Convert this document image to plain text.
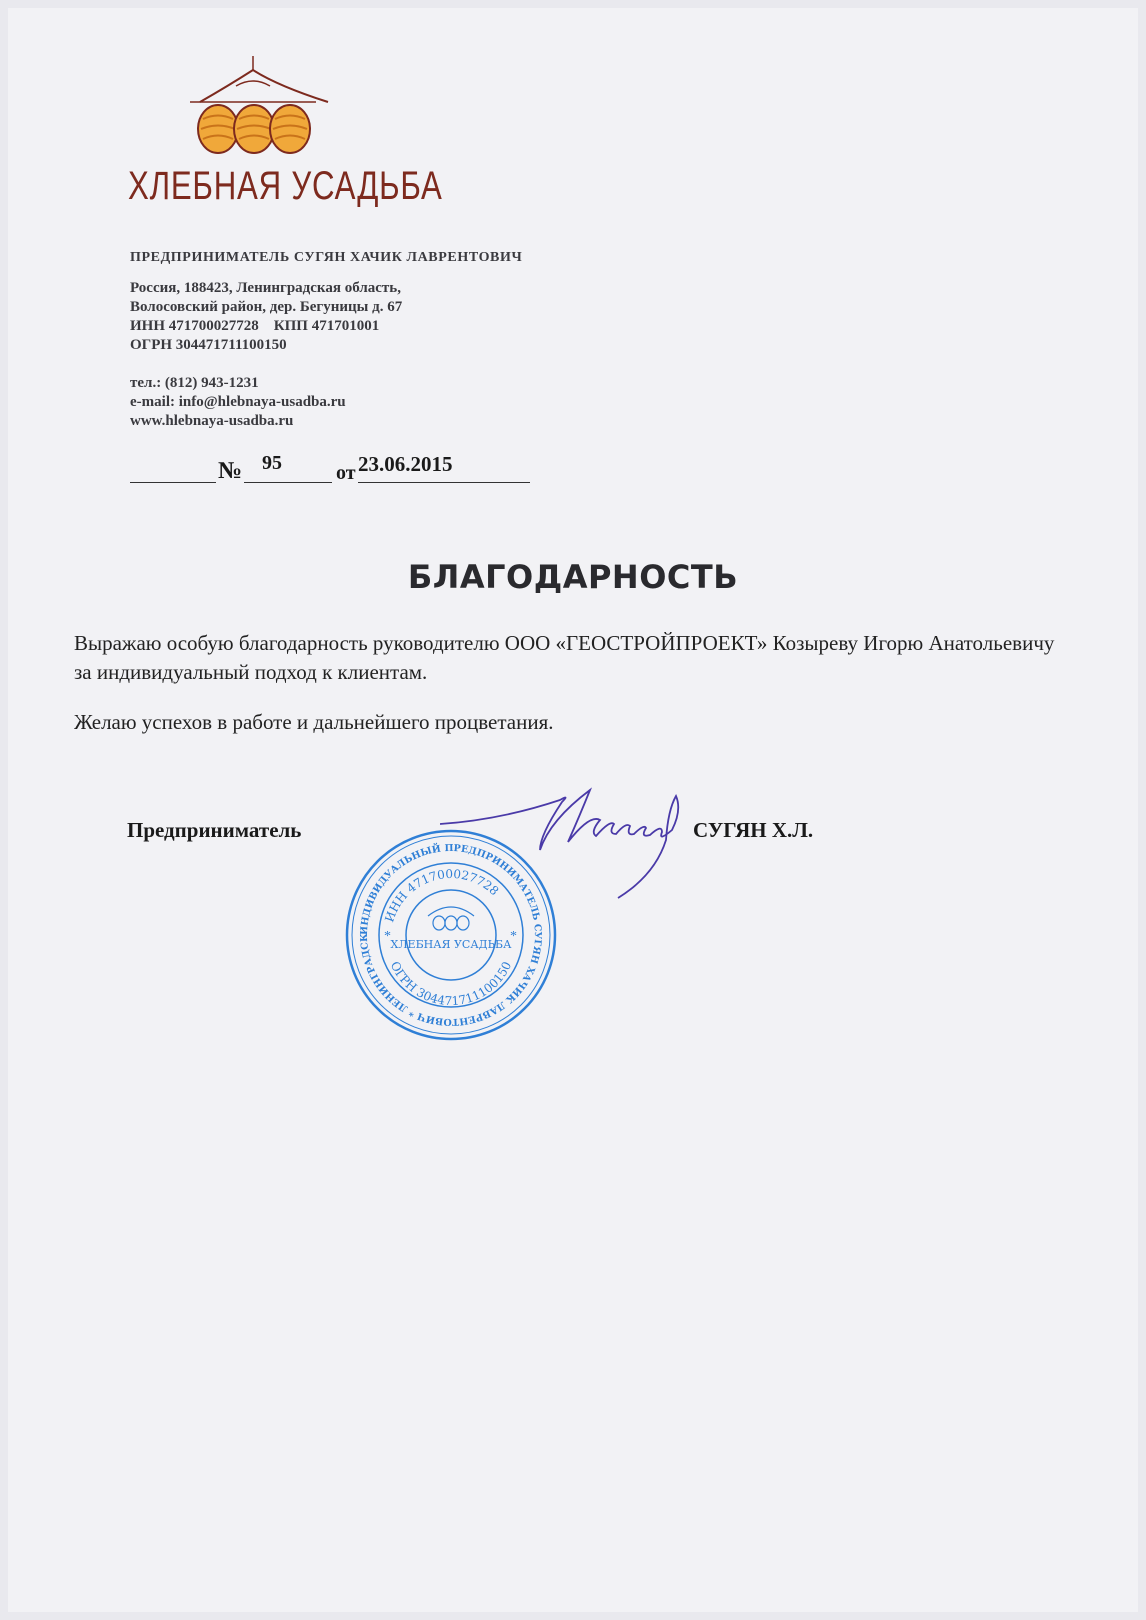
ХЛЕБНАЯ УСАДЬБА
ПРЕДПРИНИМАТЕЛЬ СУГЯН ХАЧИК ЛАВРЕНТОВИЧ
Россия, 188423, Ленинградская область,
Волосовский район, дер. Бегуницы д. 67
ИНН 471700027728    КПП 471701001
ОГРН 304471711100150
тел.: (812) 943-1231
e-mail: info@hlebnaya-usadba.ru
www.hlebnaya-usadba.ru
№ 95	от 23.06.2015
БЛАГОДАРНОСТЬ
Выражаю особую благодарность руководителю ООО «ГЕОСТРОЙПРОЕКТ» Козыреву Игорю Анатольевичу за индивидуальный подход к клиентам.
Желаю успехов в работе и дальнейшего процветания.
Предприниматель
ИНДИВИДУАЛЬНЫЙ ПРЕДПРИНИМАТЕЛЬ СУГЯН ХАЧИК ЛАВРЕНТОВИЧ * ЛЕНИНГРАДСК
ИНН 471700027728
ОГРН 304471711100150
ХЛЕБНАЯ УСАДЬБА
*	*
СУГЯН Х.Л.
